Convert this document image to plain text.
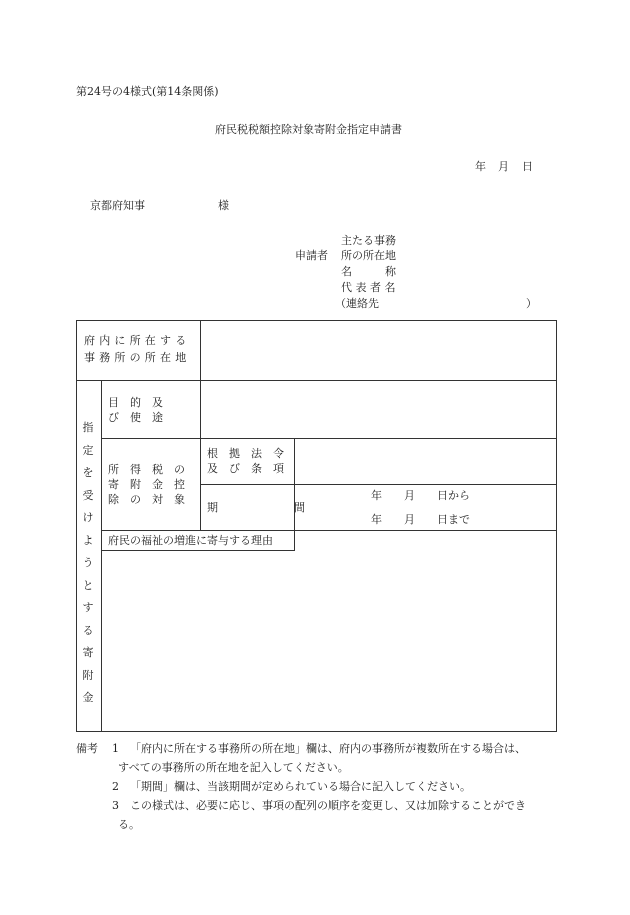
第24号の4様式(第14条関係)
府民税税額控除対象寄附金指定申請書
年 月 日
京都府知事	様
申請者
主たる事務
所の所在地
名　　　称
代 表 者 名
（連絡先	）
府内に所在する
事務所の所在地
指
定
を
受
け
よ
う
と
す
る
寄
附
金
目　的　及
び　使　途
所　得　税　の
寄　附　金　控
除　の　対　象
根　拠　法　令
及　び　条　項
期　　間
年　　月　　日から
年　　月　　日まで
府民の福祉の増進に寄与する理由
備考 1 「府内に所在する事務所の所在地」欄は、府内の事務所が複数所在する場合は、
すべての事務所の所在地を記入してください。
2 「期間」欄は、当該期間が定められている場合に記入してください。
3 この様式は、必要に応じ、事項の配列の順序を変更し、又は加除することができ
る。
